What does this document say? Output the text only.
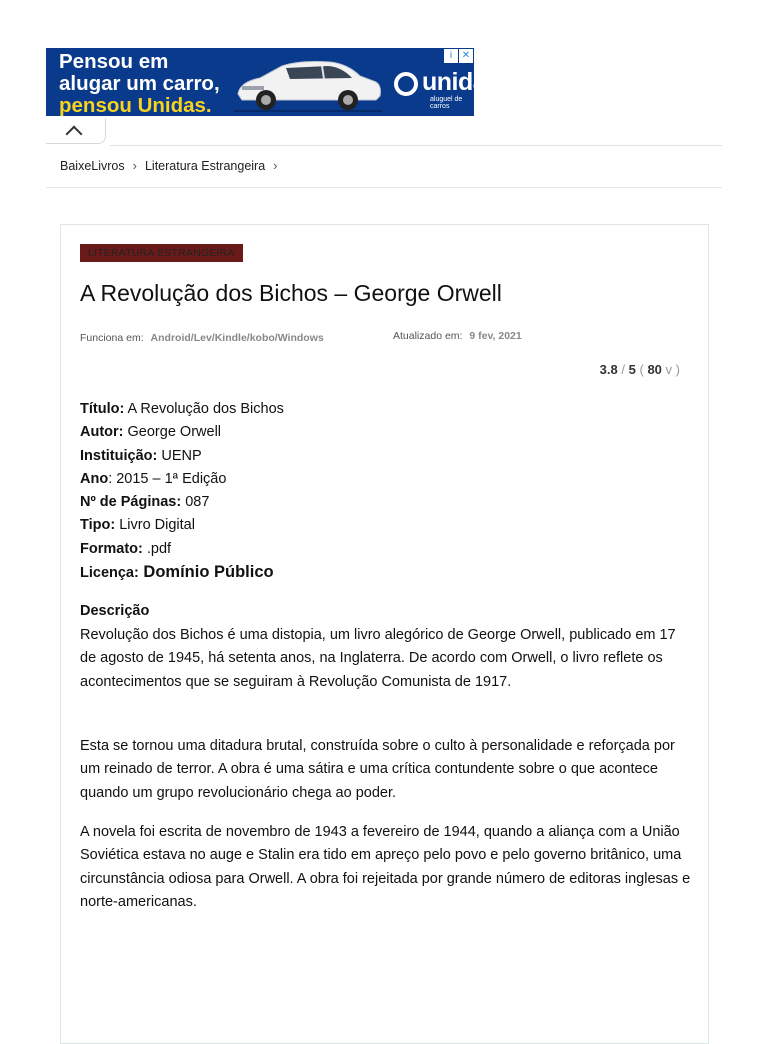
Pensou em
alugar um carro,
pensou Unidas.
unidas
aluguel de carros
i ✕
BaixeLivros › Literatura Estrangeira ›
LITERATURA ESTRANGEIRA
A Revolução dos Bichos – George Orwell
Funciona em: Android/Lev/Kindle/kobo/Windows	Atualizado em: 9 fev, 2021
3.8 / 5 ( 80 v )
Título: A Revolução dos Bichos
Autor: George Orwell
Instituição: UENP
Ano: 2015 – 1ª Edição
Nº de Páginas: 087
Tipo: Livro Digital
Formato: .pdf
Licença: Domínio Público
Descrição

Revolução dos Bichos é uma distopia, um livro alegórico de George Orwell, publicado em 17 de agosto de 1945, há setenta anos, na Inglaterra. De acordo com Orwell, o livro reflete os acontecimentos que se seguiram à Revolução Comunista de 1917.

Esta se tornou uma ditadura brutal, construída sobre o culto à personalidade e reforçada por um reinado de terror. A obra é uma sátira e uma crítica contundente sobre o que acontece quando um grupo revolucionário chega ao poder.

A novela foi escrita de novembro de 1943 a fevereiro de 1944, quando a aliança com a União Soviética estava no auge e Stalin era tido em apreço pelo povo e pelo governo britânico, uma circunstância odiosa para Orwell. A obra foi rejeitada por grande número de editoras inglesas e norte-americanas.
